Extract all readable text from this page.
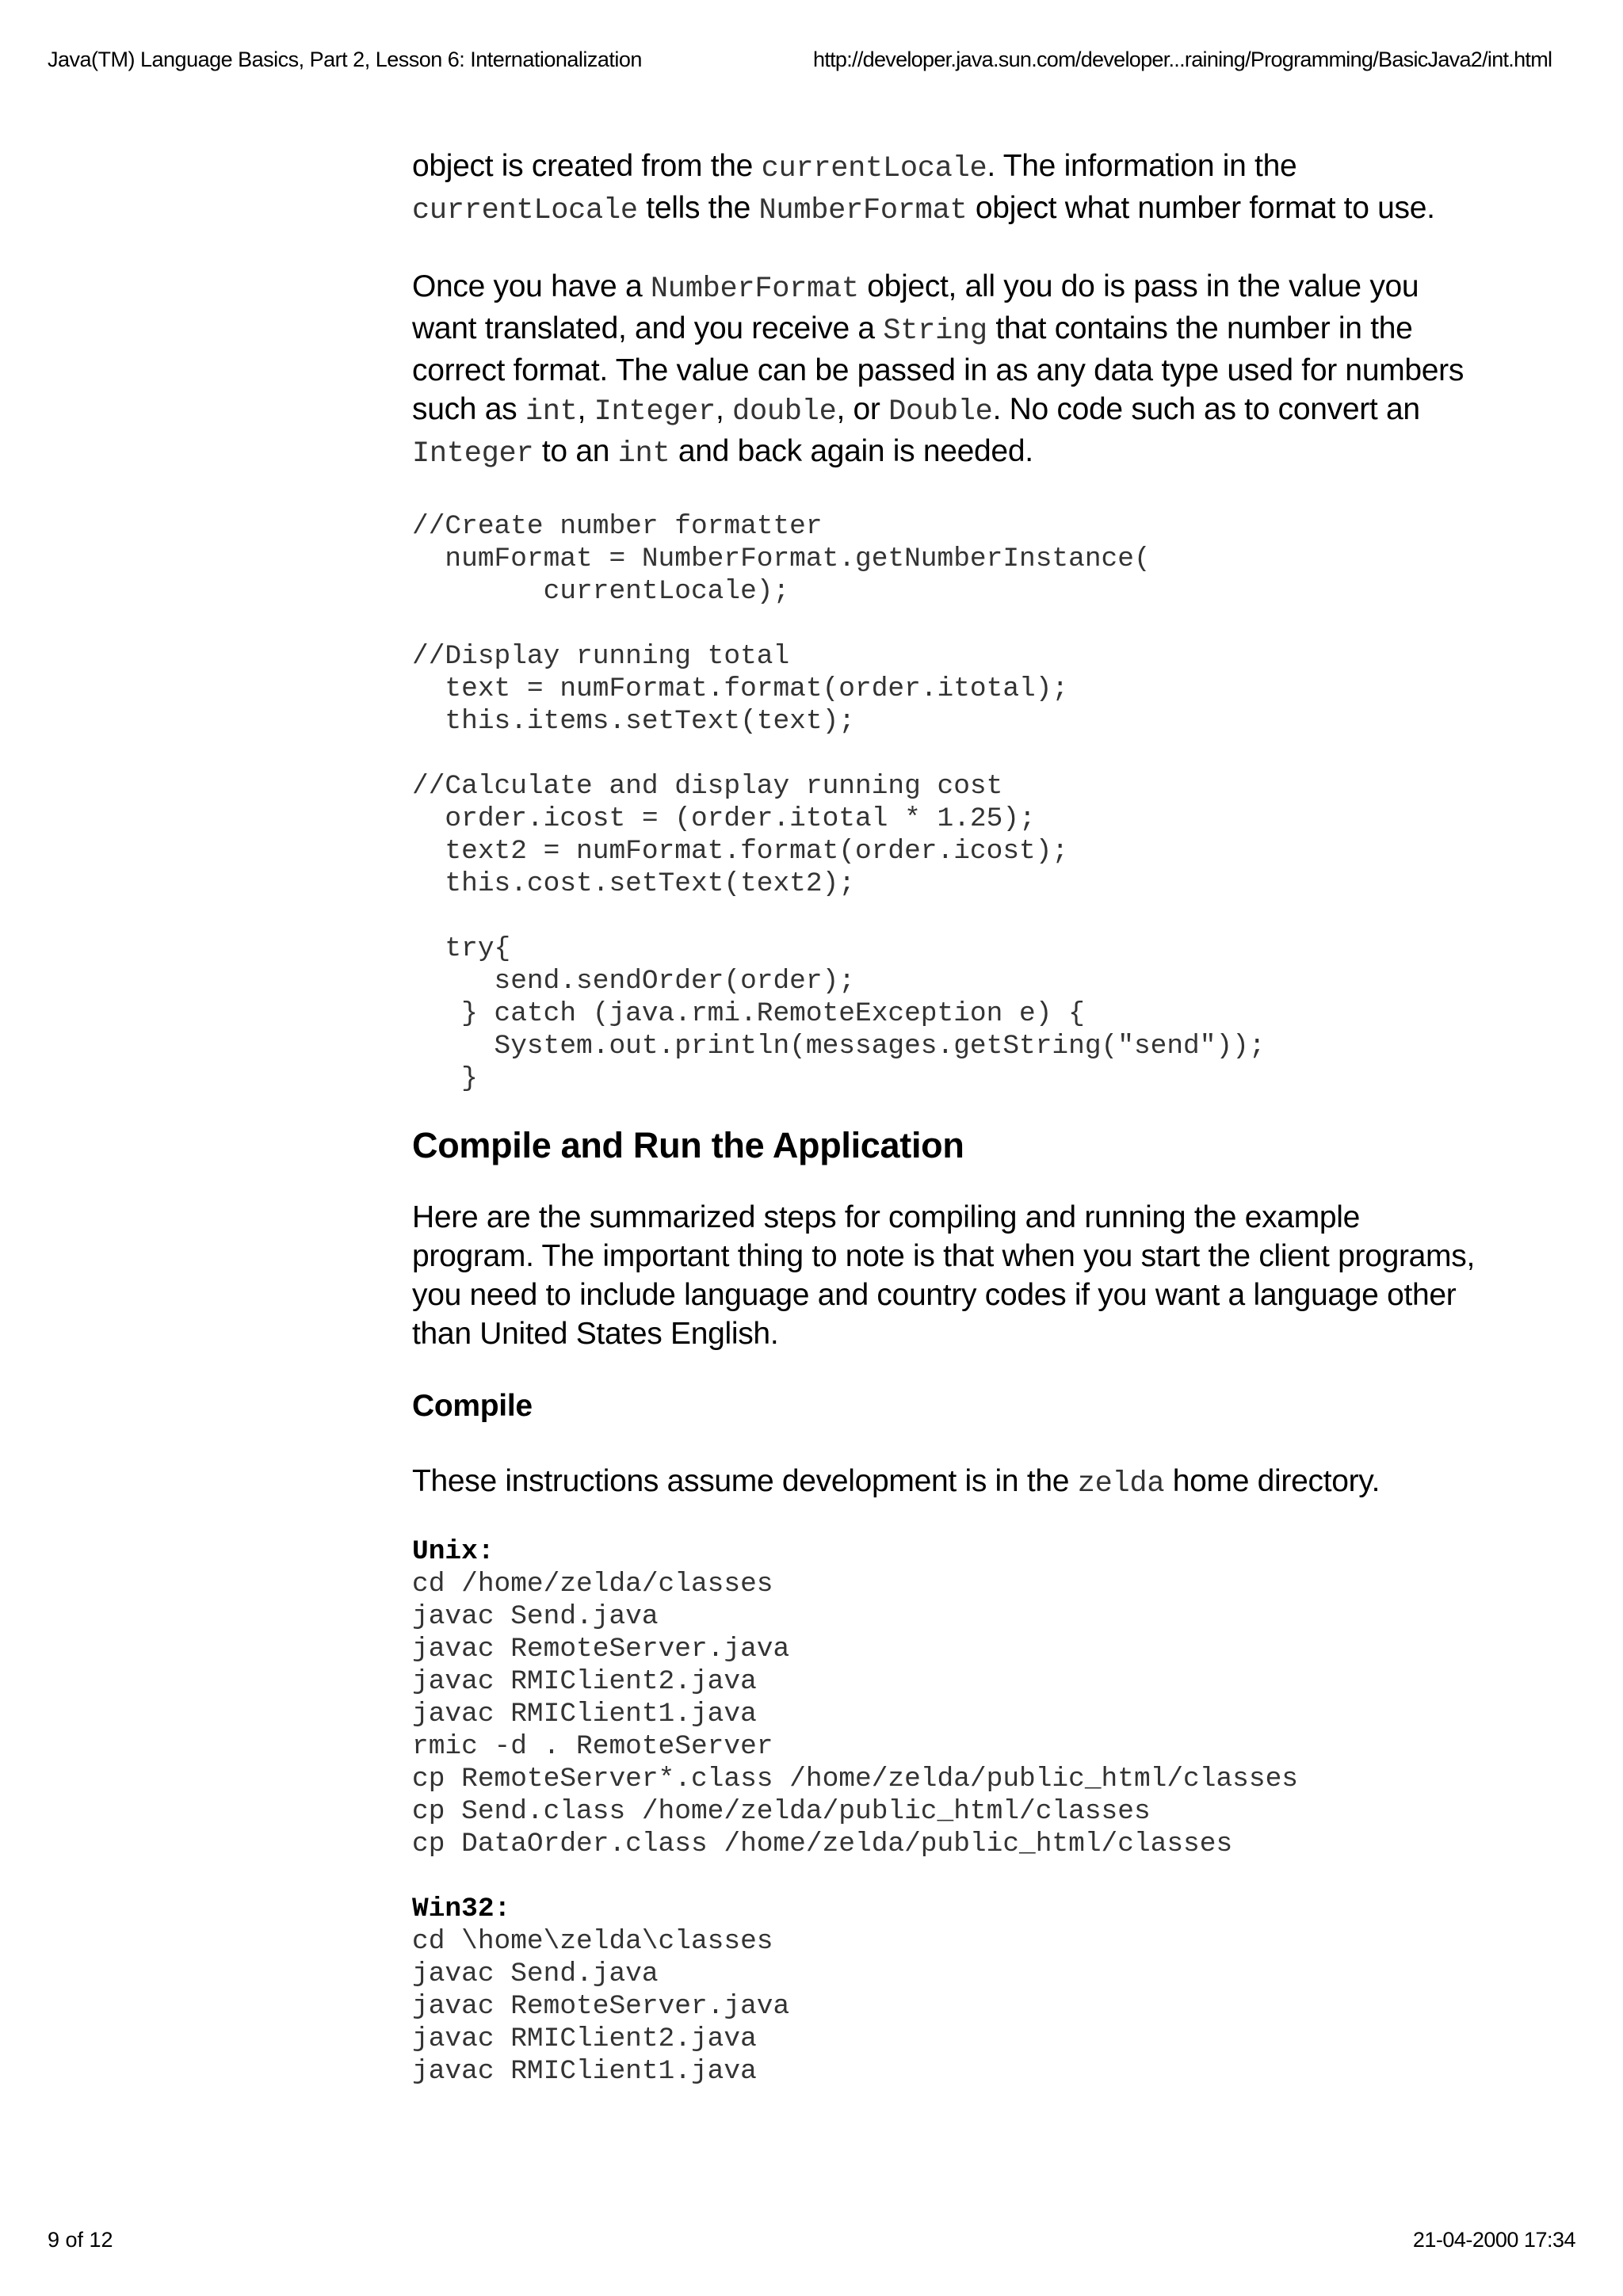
Java(TM) Language Basics, Part 2, Lesson 6: Internationalization	http://developer.java.sun.com/developer...raining/Programming/BasicJava2/int.html

object is created from the currentLocale. The information in the currentLocale tells the NumberFormat object what number format to use.

Once you have a NumberFormat object, all you do is pass in the value you want translated, and you receive a String that contains the number in the correct format. The value can be passed in as any data type used for numbers such as int, Integer, double, or Double. No code such as to convert an Integer to an int and back again is needed.

//Create number formatter
numFormat = NumberFormat.getNumberInstance(
currentLocale);

//Display running total
text = numFormat.format(order.itotal);
this.items.setText(text);

//Calculate and display running cost
order.icost = (order.itotal * 1.25);
text2 = numFormat.format(order.icost);
this.cost.setText(text2);

try{
send.sendOrder(order);
} catch (java.rmi.RemoteException e) {
System.out.println(messages.getString("send"));
}
Compile and Run the Application

Here are the summarized steps for compiling and running the example program. The important thing to note is that when you start the client programs, you need to include language and country codes if you want a language other than United States English.

Compile

These instructions assume development is in the zelda home directory.

Unix:
cd /home/zelda/classes
javac Send.java
javac RemoteServer.java
javac RMIClient2.java
javac RMIClient1.java
rmic -d . RemoteServer
cp RemoteServer*.class /home/zelda/public_html/classes
cp Send.class /home/zelda/public_html/classes
cp DataOrder.class /home/zelda/public_html/classes
Win32:
cd \home\zelda\classes
javac Send.java
javac RemoteServer.java
javac RMIClient2.java
javac RMIClient1.java
9 of 12	21-04-2000 17:34
